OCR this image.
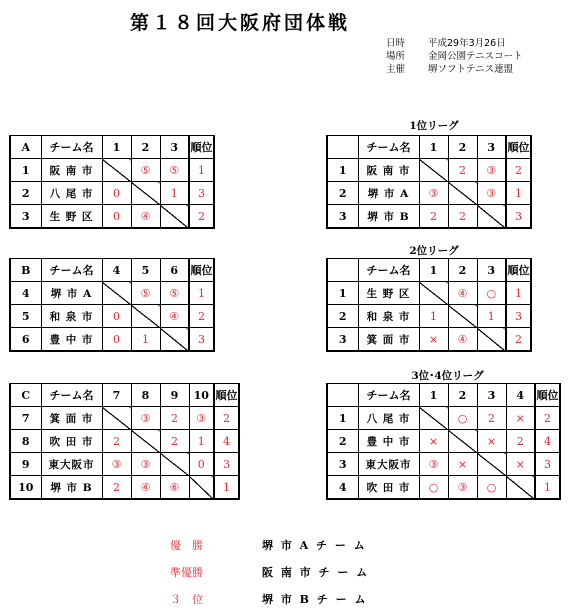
第１８回大阪府団体戦
日時	平成29年3月26日
場所	金岡公園テニスコート
主催	堺ソフトテニス連盟
A	チーム名	1	2	3	順位
1	阪 南 市		⑤	⑤	1
2	八 尾 市	0		1	3
3	生 野 区	0	④		2
B	チーム名	4	5	6	順位
4	堺 市 A		⑤	⑤	1
5	和 泉 市	0		④	2
6	豊 中 市	0	1		3
C	チーム名	7	8	9	10	順位
7	箕 面 市		③	2	③	2
8	吹 田 市	2		2	1	4
9	東大阪市	③	③		0	3
10	堺 市 B	2	④	⑥		1
1位リーグ
2位リーグ
3位･4位リーグ
	チーム名	1	2	3	順位
1	阪 南 市		2	③	2
2	堺 市 A	③		③	1
3	堺 市 B	2	2		3
	チーム名	1	2	3	順位
1	生 野 区		④	○	1
2	和 泉 市	1		1	3
3	箕 面 市	×	④		2
	チーム名	1	2	3	4	順位
1	八 尾 市		○	2	×	2
2	豊 中 市	×		×	2	4
3	東大阪市	③	×		×	3
4	吹 田 市	○	③	○		1
優　勝	堺 市 A チ ー ム
準優勝	阪 南 市 チ ー ム
３　位	堺 市 B チ ー ム
